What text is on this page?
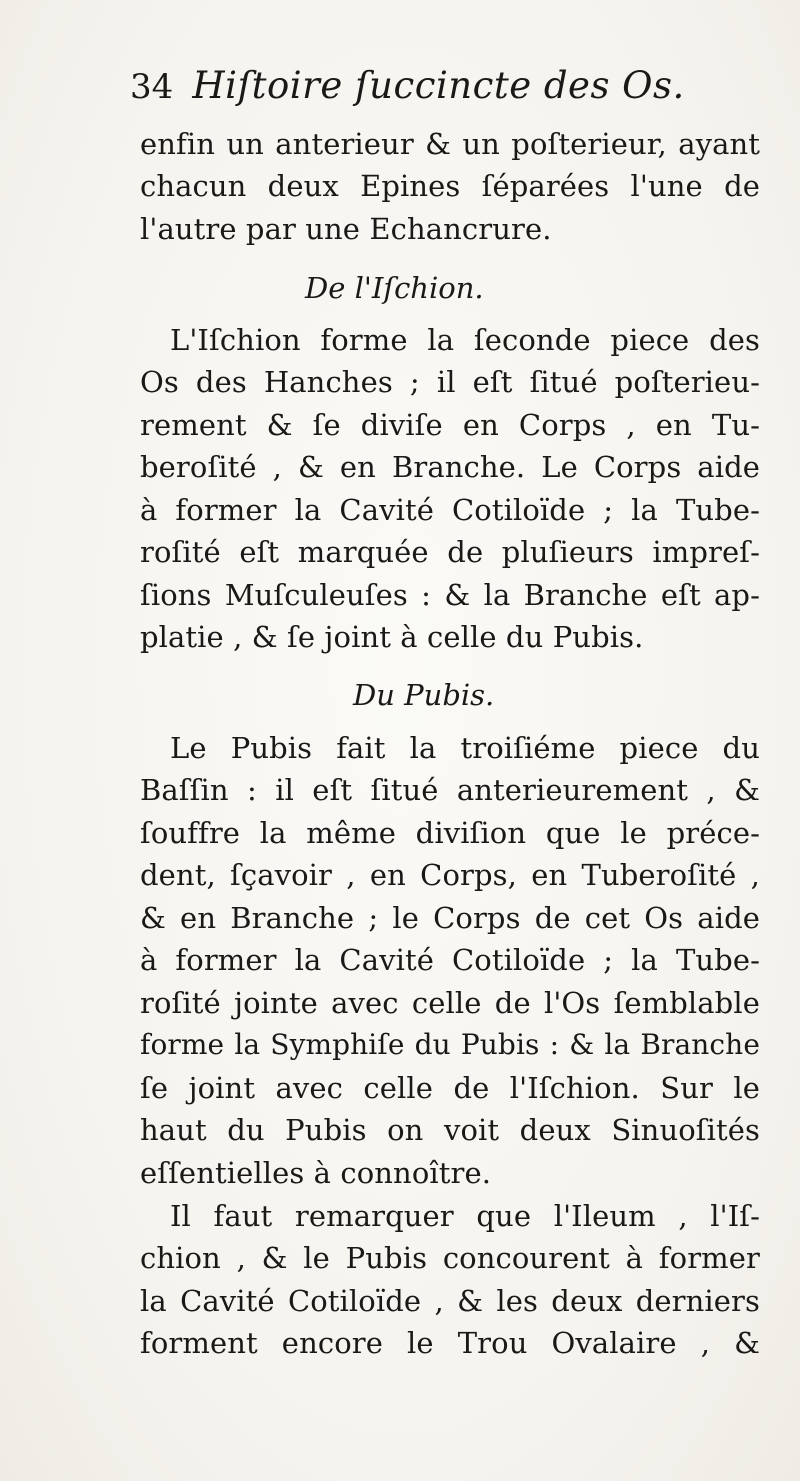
34 Hiſtoire ſuccincte des Os.
enfin un anterieur & un poſterieur, ayant
chacun deux Epines ſéparées l'une de
l'autre par une Echancrure.
De l'Iſchion.
L'Iſchion forme la ſeconde piece des
Os des Hanches ; il eſt ſitué poſterieu-
rement & ſe diviſe en Corps , en Tu-
beroſité , & en Branche. Le Corps aide
à former la Cavité Cotiloïde ; la Tube-
roſité eſt marquée de pluſieurs impreſ-
ſions Muſculeuſes : & la Branche eſt ap-
platie , & ſe joint à celle du Pubis.
Du Pubis.
Le Pubis fait la troiſiéme piece du
Baſſin : il eſt ſitué anterieurement , &
ſouffre la même diviſion que le préce-
dent, ſçavoir , en Corps, en Tuberoſité ,
& en Branche ; le Corps de cet Os aide
à former la Cavité Cotiloïde ; la Tube-
roſité jointe avec celle de l'Os ſemblable
forme la Symphiſe du Pubis : & la Branche
ſe joint avec celle de l'Iſchion. Sur le
haut du Pubis on voit deux Sinuoſités
eſſentielles à connoître.
Il faut remarquer que l'Ileum , l'Iſ-
chion , & le Pubis concourent à former
la Cavité Cotiloïde , & les deux derniers
forment encore le Trou Ovalaire , &
